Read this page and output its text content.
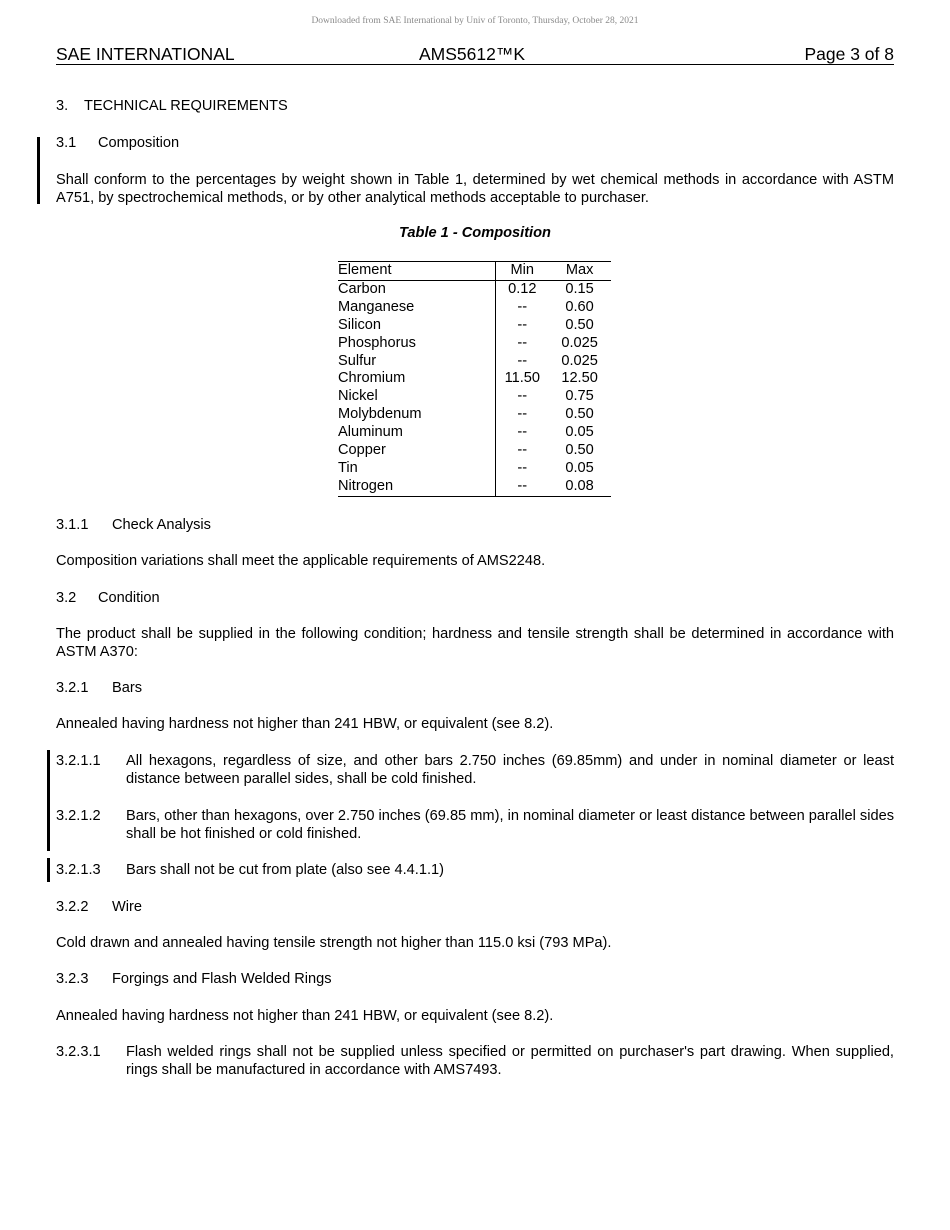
Downloaded from SAE International by Univ of Toronto, Thursday, October 28, 2021
SAE INTERNATIONAL	AMS5612™K	Page 3 of 8
3. TECHNICAL REQUIREMENTS
3.1 Composition
Shall conform to the percentages by weight shown in Table 1, determined by wet chemical methods in accordance with ASTM A751, by spectrochemical methods, or by other analytical methods acceptable to purchaser.
Table 1 - Composition
Element	Min	Max
Carbon	0.12	0.15
Manganese	--	0.60
Silicon	--	0.50
Phosphorus	--	0.025
Sulfur	--	0.025
Chromium	11.50	12.50
Nickel	--	0.75
Molybdenum	--	0.50
Aluminum	--	0.05
Copper	--	0.50
Tin	--	0.05
Nitrogen	--	0.08
3.1.1 Check Analysis
Composition variations shall meet the applicable requirements of AMS2248.
3.2 Condition
The product shall be supplied in the following condition; hardness and tensile strength shall be determined in accordance with ASTM A370:
3.2.1 Bars
Annealed having hardness not higher than 241 HBW, or equivalent (see 8.2).
3.2.1.1 All hexagons, regardless of size, and other bars 2.750 inches (69.85mm) and under in nominal diameter or least distance between parallel sides, shall be cold finished.
3.2.1.2 Bars, other than hexagons, over 2.750 inches (69.85 mm), in nominal diameter or least distance between parallel sides shall be hot finished or cold finished.
3.2.1.3 Bars shall not be cut from plate (also see 4.4.1.1)
3.2.2 Wire
Cold drawn and annealed having tensile strength not higher than 115.0 ksi (793 MPa).
3.2.3 Forgings and Flash Welded Rings
Annealed having hardness not higher than 241 HBW, or equivalent (see 8.2).
3.2.3.1 Flash welded rings shall not be supplied unless specified or permitted on purchaser's part drawing. When supplied, rings shall be manufactured in accordance with AMS7493.
